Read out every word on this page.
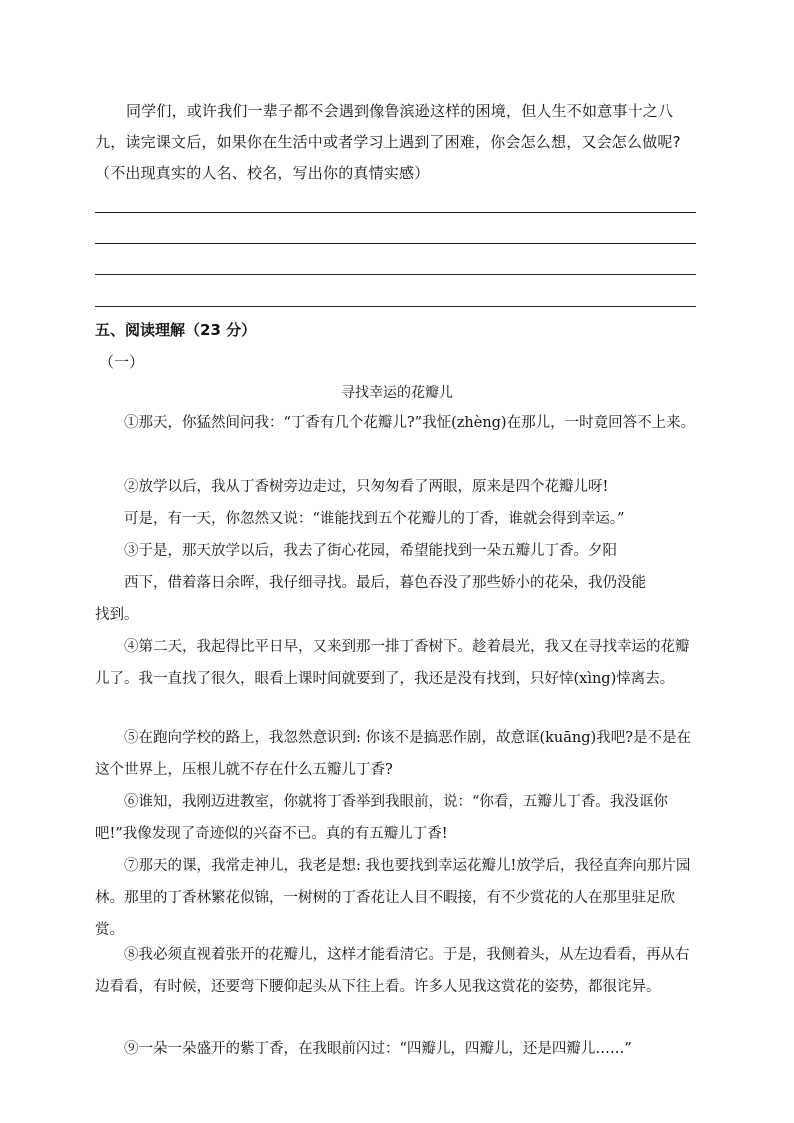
同学们，或许我们一辈子都不会遇到像鲁滨逊这样的困境，但人生不如意事十之八

九，读完课文后，如果你在生活中或者学习上遇到了困难，你会怎么想，又会怎么做呢?

（不出现真实的人名、校名，写出你的真情实感）

五、阅读理解（23 分）
（一）
寻找幸运的花瓣儿

①那天，你猛然间问我：“丁香有几个花瓣儿?”我怔(zhèng)在那儿，一时竟回答不上来。

②放学以后，我从丁香树旁边走过，只匆匆看了两眼，原来是四个花瓣儿呀!

可是，有一天，你忽然又说：“谁能找到五个花瓣儿的丁香，谁就会得到幸运。”

③于是，那天放学以后，我去了街心花园，希望能找到一朵五瓣儿丁香。夕阳

西下，借着落日余晖，我仔细寻找。最后，暮色吞没了那些娇小的花朵，我仍没能

找到。

④第二天，我起得比平日早，又来到那一排丁香树下。趁着晨光，我又在寻找幸运的花瓣儿了。我一直找了很久，眼看上课时间就要到了，我还是没有找到，只好悻(xìng)悻离去。

⑤在跑向学校的路上，我忽然意识到: 你该不是搞恶作剧，故意诓(kuāng)我吧?是不是在这个世界上，压根儿就不存在什么五瓣儿丁香?

⑥谁知，我刚迈进教室，你就将丁香举到我眼前，说：“你看，五瓣儿丁香。我没诓你吧!”我像发现了奇迹似的兴奋不已。真的有五瓣儿丁香!

⑦那天的课，我常走神儿，我老是想: 我也要找到幸运花瓣儿!放学后，我径直奔向那片园林。那里的丁香林繁花似锦，一树树的丁香花让人目不暇接，有不少赏花的人在那里驻足欣赏。

⑧我必须直视着张开的花瓣儿，这样才能看清它。于是，我侧着头，从左边看看，再从右边看看，有时候，还要弯下腰仰起头从下往上看。许多人见我这赏花的姿势，都很诧异。

⑨一朵一朵盛开的紫丁香，在我眼前闪过：“四瓣儿，四瓣儿，还是四瓣儿……”
